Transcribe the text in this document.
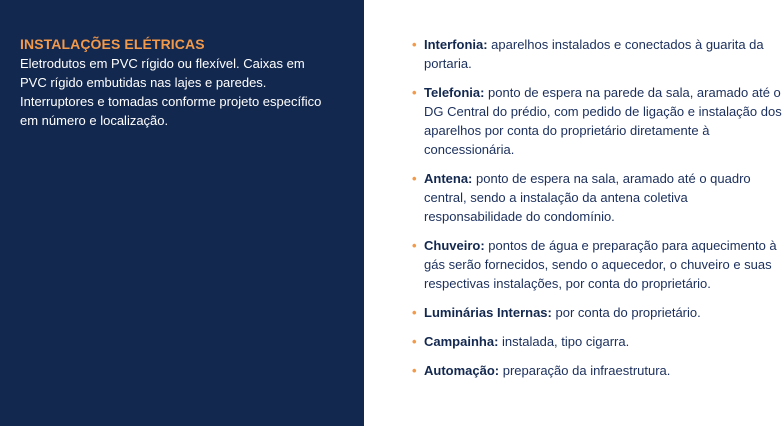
INSTALAÇÕES ELÉTRICAS
Eletrodutos em PVC rígido ou flexível. Caixas em PVC rígido embutidas nas lajes e paredes. Interruptores e tomadas conforme projeto específico em número e localização.
• Interfonia: aparelhos instalados e conectados à guarita da portaria.
• Telefonia: ponto de espera na parede da sala, aramado até o DG Central do prédio, com pedido de ligação e instalação dos aparelhos por conta do proprietário diretamente à concessionária.
• Antena: ponto de espera na sala, aramado até o quadro central, sendo a instalação da antena coletiva responsabilidade do condomínio.
• Chuveiro: pontos de água e preparação para aquecimento à gás serão fornecidos, sendo o aquecedor, o chuveiro e suas respectivas instalações, por conta do proprietário.
• Luminárias Internas: por conta do proprietário.
• Campainha: instalada, tipo cigarra.
• Automação: preparação da infraestrutura.
